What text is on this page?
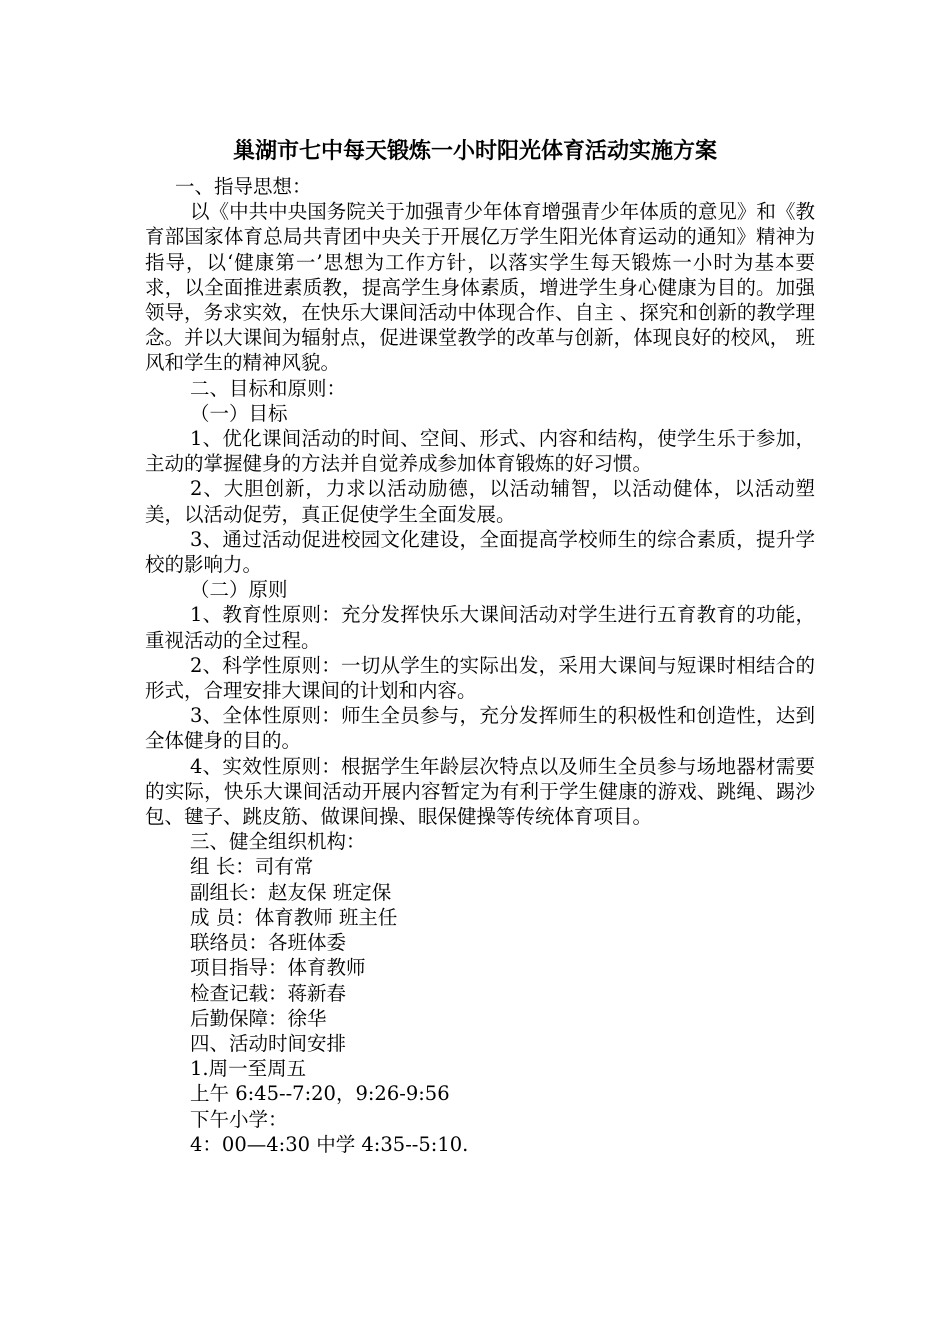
巢湖市七中每天锻炼一小时阳光体育活动实施方案

一、指导思想：

以《中共中央国务院关于加强青少年体育增强青少年体质的意见》和《教育部国家体育总局共青团中央关于开展亿万学生阳光体育运动的通知》精神为指导，以‘健康第一’思想为工作方针，以落实学生每天锻炼一小时为基本要求，以全面推进素质教，提高学生身体素质，增进学生身心健康为目的。加强领导，务求实效，在快乐大课间活动中体现合作、自主 、探究和创新的教学理念。并以大课间为辐射点，促进课堂教学的改革与创新，体现良好的校风， 班风和学生的精神风貌。

二、目标和原则：

（一）目标

1、优化课间活动的时间、空间、形式、内容和结构，使学生乐于参加，主动的掌握健身的方法并自觉养成参加体育锻炼的好习惯。

2、大胆创新，力求以活动励德，以活动辅智，以活动健体，以活动塑美，以活动促劳，真正促使学生全面发展。

3、通过活动促进校园文化建设，全面提高学校师生的综合素质，提升学校的影响力。

（二）原则

1、教育性原则：充分发挥快乐大课间活动对学生进行五育教育的功能，重视活动的全过程。

2、科学性原则：一切从学生的实际出发，采用大课间与短课时相结合的形式，合理安排大课间的计划和内容。

3、全体性原则：师生全员参与，充分发挥师生的积极性和创造性，达到全体健身的目的。

4、实效性原则：根据学生年龄层次特点以及师生全员参与场地器材需要的实际，快乐大课间活动开展内容暂定为有利于学生健康的游戏、跳绳、踢沙包、毽子、跳皮筋、做课间操、眼保健操等传统体育项目。

三、健全组织机构：

组 长：司有常

副组长：赵友保 班定保

成 员：体育教师 班主任

联络员：各班体委

项目指导：体育教师

检查记载：蒋新春

后勤保障：徐华

四、活动时间安排

1.周一至周五

上午 6:45--7:20，9:26-9:56

下午小学：

4：00—4:30 中学 4:35--5:10.
